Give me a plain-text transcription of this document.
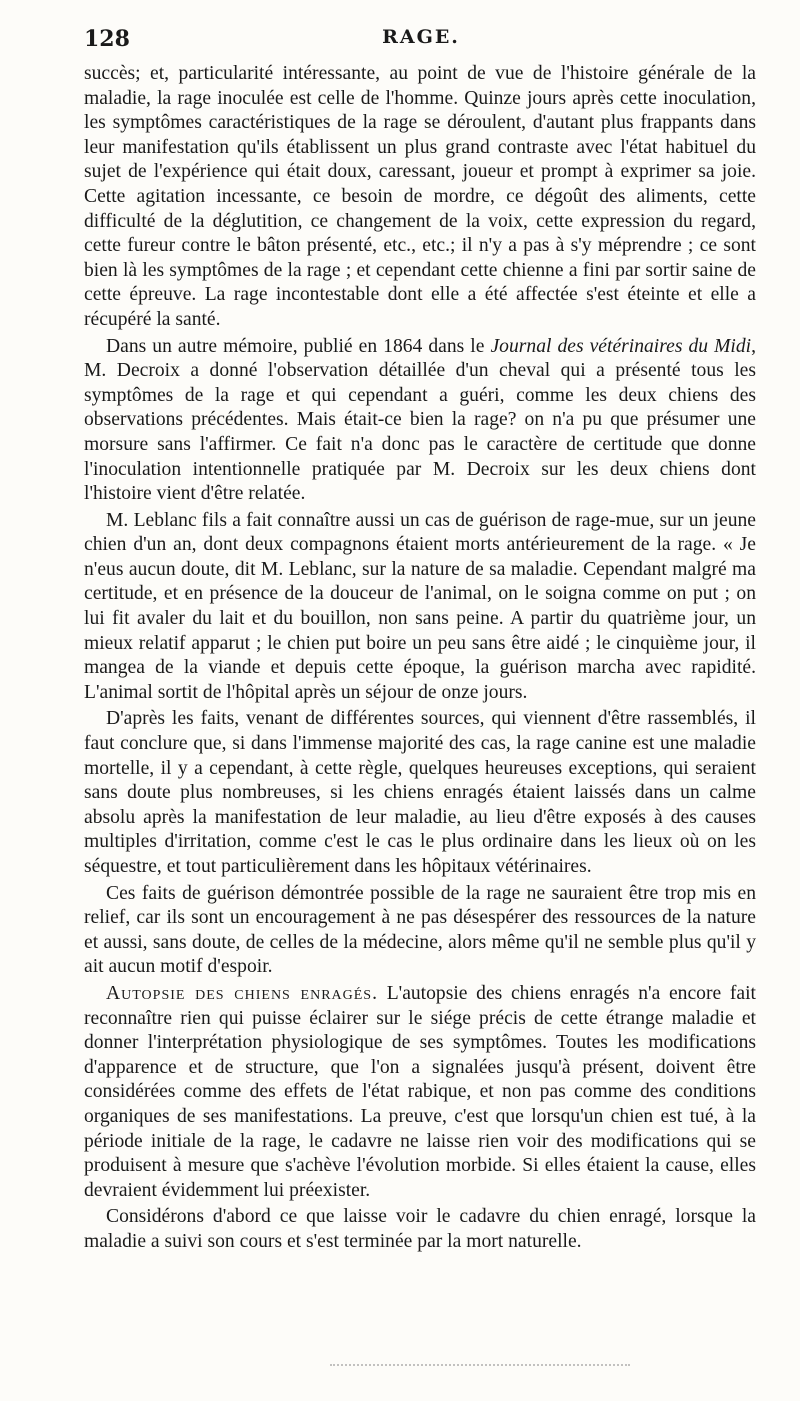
128	RAGE.

succès; et, particularité intéressante, au point de vue de l'histoire générale de la maladie, la rage inoculée est celle de l'homme. Quinze jours après cette inoculation, les symptômes caractéristiques de la rage se déroulent, d'autant plus frappants dans leur manifestation qu'ils établissent un plus grand contraste avec l'état habituel du sujet de l'expérience qui était doux, caressant, joueur et prompt à exprimer sa joie. Cette agitation incessante, ce besoin de mordre, ce dégoût des aliments, cette difficulté de la déglutition, ce changement de la voix, cette expression du regard, cette fureur contre le bâton présenté, etc., etc.; il n'y a pas à s'y méprendre ; ce sont bien là les symptômes de la rage ; et cependant cette chienne a fini par sortir saine de cette épreuve. La rage incontestable dont elle a été affectée s'est éteinte et elle a récupéré la santé.

Dans un autre mémoire, publié en 1864 dans le Journal des vétérinaires du Midi, M. Decroix a donné l'observation détaillée d'un cheval qui a présenté tous les symptômes de la rage et qui cependant a guéri, comme les deux chiens des observations précédentes. Mais était-ce bien la rage? on n'a pu que présumer une morsure sans l'affirmer. Ce fait n'a donc pas le caractère de certitude que donne l'inoculation intentionnelle pratiquée par M. Decroix sur les deux chiens dont l'histoire vient d'être relatée.

M. Leblanc fils a fait connaître aussi un cas de guérison de rage-mue, sur un jeune chien d'un an, dont deux compagnons étaient morts antérieurement de la rage. « Je n'eus aucun doute, dit M. Leblanc, sur la nature de sa maladie. Cependant malgré ma certitude, et en présence de la douceur de l'animal, on le soigna comme on put ; on lui fit avaler du lait et du bouillon, non sans peine. A partir du quatrième jour, un mieux relatif apparut ; le chien put boire un peu sans être aidé ; le cinquième jour, il mangea de la viande et depuis cette époque, la guérison marcha avec rapidité. L'animal sortit de l'hôpital après un séjour de onze jours.

D'après les faits, venant de différentes sources, qui viennent d'être rassemblés, il faut conclure que, si dans l'immense majorité des cas, la rage canine est une maladie mortelle, il y a cependant, à cette règle, quelques heureuses exceptions, qui seraient sans doute plus nombreuses, si les chiens enragés étaient laissés dans un calme absolu après la manifestation de leur maladie, au lieu d'être exposés à des causes multiples d'irritation, comme c'est le cas le plus ordinaire dans les lieux où on les séquestre, et tout particulièrement dans les hôpitaux vétérinaires.

Ces faits de guérison démontrée possible de la rage ne sauraient être trop mis en relief, car ils sont un encouragement à ne pas désespérer des ressources de la nature et aussi, sans doute, de celles de la médecine, alors même qu'il ne semble plus qu'il y ait aucun motif d'espoir.

Autopsie des chiens enragés. L'autopsie des chiens enragés n'a encore fait reconnaître rien qui puisse éclairer sur le siége précis de cette étrange maladie et donner l'interprétation physiologique de ses symptômes. Toutes les modifications d'apparence et de structure, que l'on a signalées jusqu'à présent, doivent être considérées comme des effets de l'état rabique, et non pas comme des conditions organiques de ses manifestations. La preuve, c'est que lorsqu'un chien est tué, à la période initiale de la rage, le cadavre ne laisse rien voir des modifications qui se produisent à mesure que s'achève l'évolution morbide. Si elles étaient la cause, elles devraient évidemment lui préexister.

Considérons d'abord ce que laisse voir le cadavre du chien enragé, lorsque la maladie a suivi son cours et s'est terminée par la mort naturelle.
